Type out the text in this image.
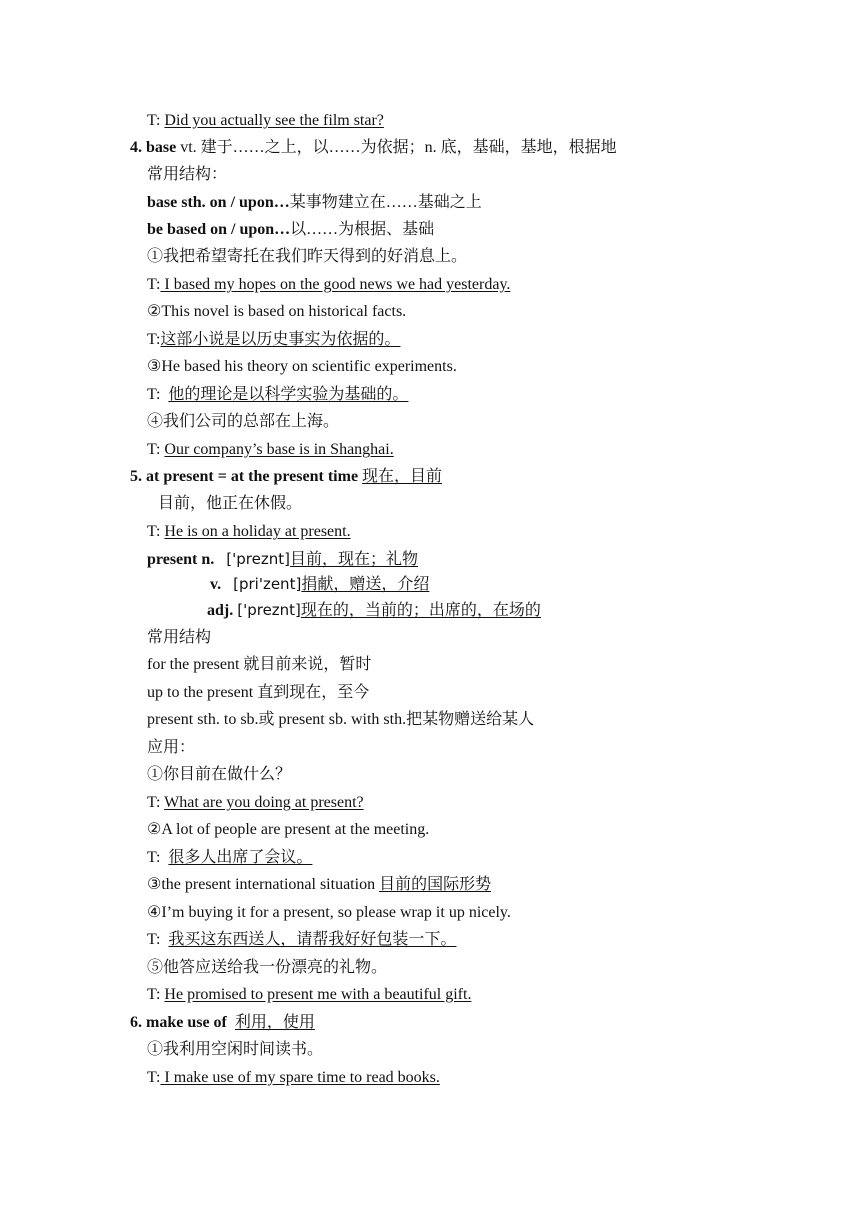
T: Did you actually see the film star?
4. base vt. 建于……之上，以……为依据；n. 底，基础，基地，根据地
常用结构：
base sth. on / upon…某事物建立在……基础之上
be based on / upon…以……为根据、基础
①我把希望寄托在我们昨天得到的好消息上。
T: I based my hopes on the good news we had yesterday.
②This novel is based on historical facts.
T:这部小说是以历史事实为依据的。
③He based his theory on scientific experiments.
T:  他的理论是以科学实验为基础的。
④我们公司的总部在上海。
T: Our company’s base is in Shanghai.
5. at present = at the present time 现在，目前
目前，他正在休假。
T: He is on a holiday at present.
present n. ['preznt]目前，现在；礼物
v. [pri'zent]捐献，赠送，介绍
adj. ['preznt]现在的，当前的；出席的，在场的
常用结构
for the present 就目前来说，暂时
up to the present 直到现在，至今
present sth. to sb.或 present sb. with sth.把某物赠送给某人
应用：
①你目前在做什么？
T: What are you doing at present?
②A lot of people are present at the meeting.
T:  很多人出席了会议。
③the present international situation 目前的国际形势
④I’m buying it for a present, so please wrap it up nicely.
T:  我买这东西送人，请帮我好好包装一下。
⑤他答应送给我一份漂亮的礼物。
T: He promised to present me with a beautiful gift.
6. make use of 利用，使用
①我利用空闲时间读书。
T: I make use of my spare time to read books.
